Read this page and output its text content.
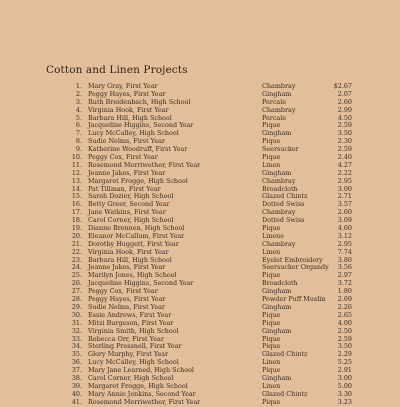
Cotton and Linen Projects
1. Mary Gray, First Year	Chambray	$2.67
2. Peggy Hayes, First Year	Gingham	2.07
3. Ruth Breidenbach, High School	Percale	2.60
4. Virginia Hook, First Year	Chambray	2.99
5. Barbara Hill, High School	Percale	4.50
6. Jacqueline Higgins, Second Year	Pique	2.59
7. Lucy McCalley, High School	Gingham	3.50
8. Sudie Nelms, First Year	Pique	2.30
9. Katherine Woodruff, First Year	Seersucker	2.59
10. Peggy Cox, First Year	Pique	2.40
11. Rosemond Merriwether, First Year	Linen	4.27
12. Jeanne Jakes, First Year	Gingham	2.22
13. Margaret Frogge, High School	Chambray	2.95
14. Pat Tillman, First Year	Broadcloth	3.00
15. Sarah Dozier, High School	Glazed Chintz	2.71
16. Betty Greer, Second Year	Dotted Swiss	3.57
17. Jane Watkins, First Year	Chambray	2.60
18. Carol Corner, High School	Dotted Swiss	3.09
19. Dianne Brennen, High School	Pique	4.60
20. Eleanor McCallum, First Year	Linene	3.12
21. Dorothy Huggett, First Year	Chambray	2.95
22. Virginia Hook, First Year	Linen	7.74
23. Barbara Hill, High School	Eyelet Embroidery 3.80
24. Jeanne Jakes, First Year	Seersucker Organdy 3.56
25. Marilyn Jones, High School	Pique	2.97
26. Jacqueline Higgins, Second Year	Broadcloth	3.72
27. Peggy Cox, First Year	Gingham	1.80
28. Peggy Hayes, First Year	Powder Puff Muslin 2.69
29. Sudie Nelms, First Year	Gingham	2.26
30. Essie Andrews, First Year	Pique	2.65
31. Mitzi Burgeson, First Year	Pique	4.00
32. Virginia Smith, High School	Gingham	2.50
33. Rebecca Orr, First Year	Pique	2.59
34. Sterling Pressnell, First Year	Pique	3.50
35. Glory Murphy, First Year	Glazed Chintz	2.29
36. Lucy McCalley, High School	Linen	5.25
37. Mary Jane Learned, High School	Pique	2.91
38. Carol Corner, High School	Gingham	3.00
39. Margaret Frogge, High School	Linen	5.00
40. Mary Annie Jenkins, Second Year	Glazed Chintz	3.30
41. Rosemond Merriwether, First Year	Pique	3.23
